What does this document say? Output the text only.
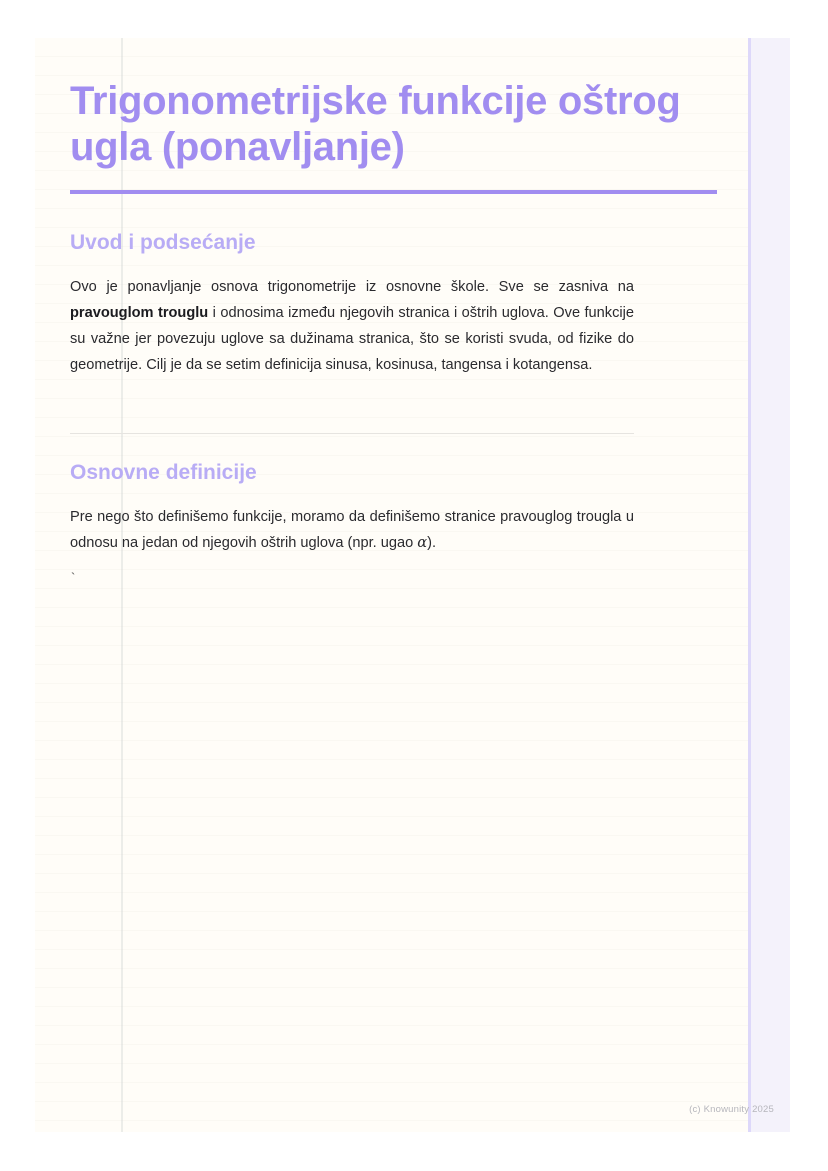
Trigonometrijske funkcije oštrog ugla (ponavljanje)
Uvod i podsećanje

Ovo je ponavljanje osnova trigonometrije iz osnovne škole. Sve se zasniva na pravouglom trouglu i odnosima između njegovih stranica i oštrih uglova. Ove funkcije su važne jer povezuju uglove sa dužinama stranica, što se koristi svuda, od fizike do geometrije. Cilj je da se setim definicija sinusa, kosinusa, tangensa i kotangensa.

Osnovne definicije

Pre nego što definišemo funkcije, moramo da definišemo stranice pravouglog trougla u odnosu na jedan od njegovih oštrih uglova (npr. ugao α).

`
(c) Knowunity 2025
